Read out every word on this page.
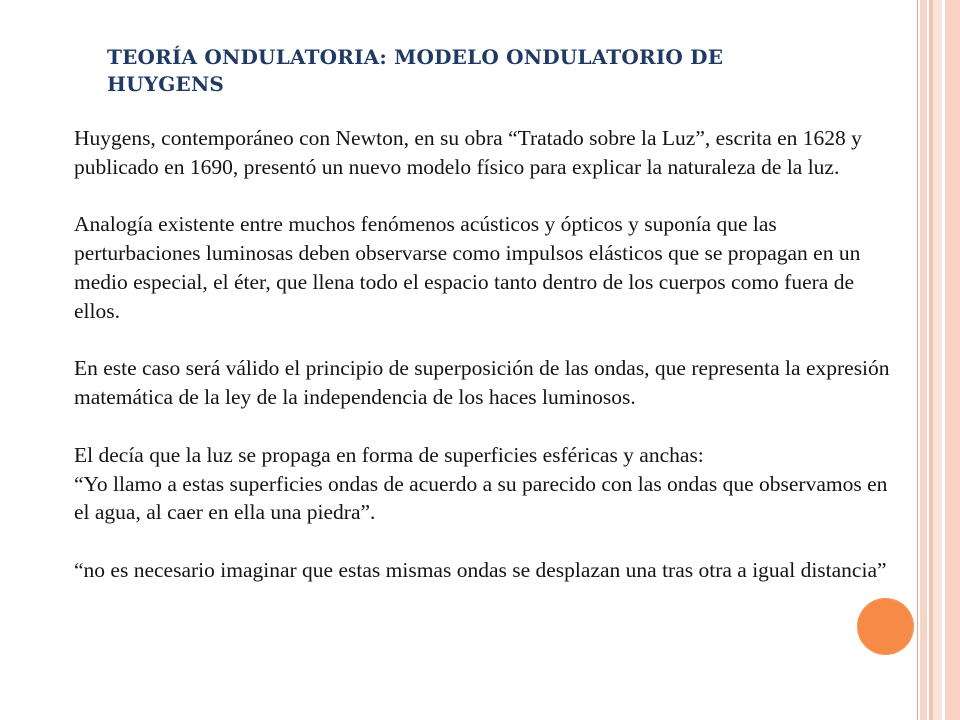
TEORÍA ONDULATORIA: MODELO ONDULATORIO DE HUYGENS

Huygens, contemporáneo con Newton, en su obra “Tratado sobre la Luz”, escrita en 1628 y publicado en 1690, presentó un nuevo modelo físico para explicar la naturaleza de la luz.

Analogía existente entre muchos fenómenos acústicos y ópticos y suponía que las perturbaciones luminosas deben observarse como impulsos elásticos que se propagan en un medio especial, el éter, que llena todo el espacio tanto dentro de los cuerpos como fuera de ellos.

En este caso será válido el principio de superposición de las ondas, que representa la expresión matemática de la ley de la independencia de los haces luminosos.

El decía que la luz se propaga en forma de superficies esféricas y anchas:

“Yo llamo a estas superficies ondas de acuerdo a su parecido con las ondas que observamos en el agua, al caer en ella una piedra”.

“no es necesario imaginar que estas mismas ondas se desplazan una tras otra a igual distancia”
